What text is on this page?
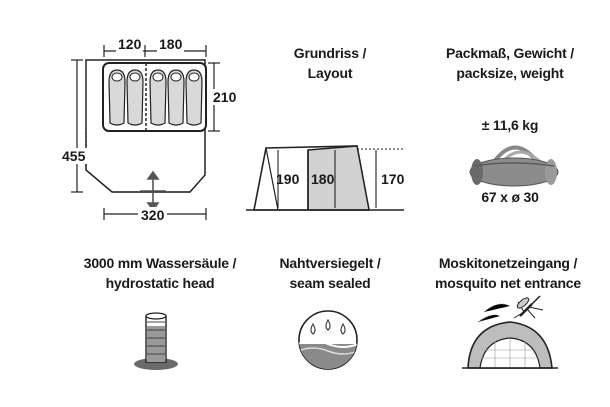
120 180
210
455
320
Grundriss /
Layout
190 180	170
Packmaß, Gewicht /
packsize, weight
± 11,6 kg
67 x ø 30
3000 mm Wassersäule /
hydrostatic head
Nahtversiegelt /
seam sealed
Moskitonetzeingang /
mosquito net entrance
